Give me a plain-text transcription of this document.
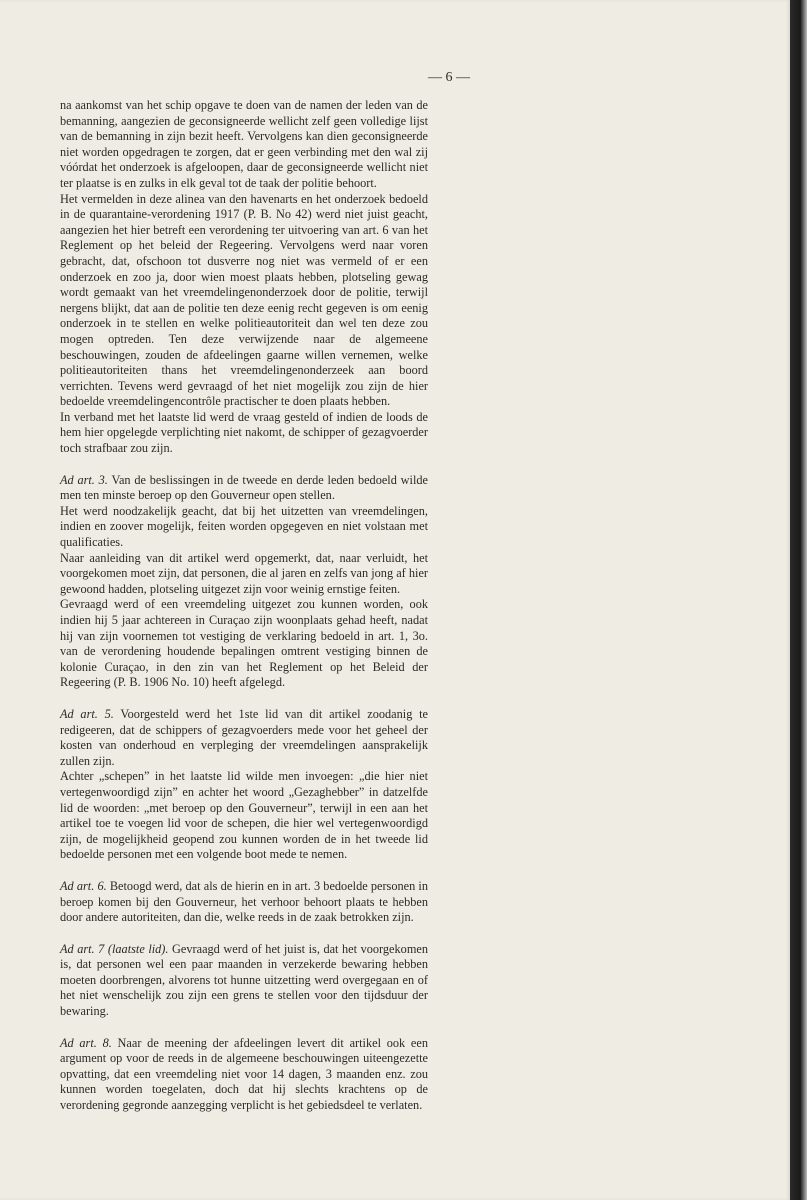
— 6 —

na aankomst van het schip opgave te doen van de namen der leden van de bemanning, aangezien de geconsigneerde wellicht zelf geen volledige lijst van de bemanning in zijn bezit heeft. Vervolgens kan dien geconsigneerde niet worden opgedragen te zorgen, dat er geen verbinding met den wal zij vóórdat het onderzoek is afgeloopen, daar de geconsigneerde wellicht niet ter plaatse is en zulks in elk geval tot de taak der politie behoort.

Het vermelden in deze alinea van den havenarts en het onderzoek bedoeld in de quarantaine-verordening 1917 (P. B. No 42) werd niet juist geacht, aangezien het hier betreft een verordening ter uitvoering van art. 6 van het Reglement op het beleid der Regeering. Vervolgens werd naar voren gebracht, dat, ofschoon tot dusverre nog niet was vermeld of er een onderzoek en zoo ja, door wien moest plaats hebben, plotseling gewag wordt gemaakt van het vreemdelingenonderzoek door de politie, terwijl nergens blijkt, dat aan de politie ten deze eenig recht gegeven is om eenig onderzoek in te stellen en welke politieautoriteit dan wel ten deze zou mogen optreden. Ten deze verwijzende naar de algemeene beschouwingen, zouden de afdeelingen gaarne willen vernemen, welke politieautoriteiten thans het vreemdelingenonderzeek aan boord verrichten. Tevens werd gevraagd of het niet mogelijk zou zijn de hier bedoelde vreemdelingencontrôle practischer te doen plaats hebben.

In verband met het laatste lid werd de vraag gesteld of indien de loods de hem hier opgelegde verplichting niet nakomt, de schipper of gezagvoerder toch strafbaar zou zijn.

Ad art. 3. Van de beslissingen in de tweede en derde leden bedoeld wilde men ten minste beroep op den Gouverneur open stellen.

Het werd noodzakelijk geacht, dat bij het uitzetten van vreemdelingen, indien en zoover mogelijk, feiten worden opgegeven en niet volstaan met qualificaties.

Naar aanleiding van dit artikel werd opgemerkt, dat, naar verluidt, het voorgekomen moet zijn, dat personen, die al jaren en zelfs van jong af hier gewoond hadden, plotseling uitgezet zijn voor weinig ernstige feiten.

Gevraagd werd of een vreemdeling uitgezet zou kunnen worden, ook indien hij 5 jaar achtereen in Curaçao zijn woonplaats gehad heeft, nadat hij van zijn voornemen tot vestiging de verklaring bedoeld in art. 1, 3o. van de verordening houdende bepalingen omtrent vestiging binnen de kolonie Curaçao, in den zin van het Reglement op het Beleid der Regeering (P. B. 1906 No. 10) heeft afgelegd.

Ad art. 5. Voorgesteld werd het 1ste lid van dit artikel zoodanig te redigeeren, dat de schippers of gezagvoerders mede voor het geheel der kosten van onderhoud en verpleging der vreemdelingen aansprakelijk zullen zijn.

Achter „schepen” in het laatste lid wilde men invoegen: „die hier niet vertegenwoordigd zijn” en achter het woord „Gezaghebber” in datzelfde lid de woorden: „met beroep op den Gouverneur”, terwijl in een aan het artikel toe te voegen lid voor de schepen, die hier wel vertegenwoordigd zijn, de mogelijkheid geopend zou kunnen worden de in het tweede lid bedoelde personen met een volgende boot mede te nemen.

Ad art. 6. Betoogd werd, dat als de hierin en in art. 3 bedoelde personen in beroep komen bij den Gouverneur, het verhoor behoort plaats te hebben door andere autoriteiten, dan die, welke reeds in de zaak betrokken zijn.

Ad art. 7 (laatste lid). Gevraagd werd of het juist is, dat het voorgekomen is, dat personen wel een paar maanden in verzekerde bewaring hebben moeten doorbrengen, alvorens tot hunne uitzetting werd overgegaan en of het niet wenschelijk zou zijn een grens te stellen voor den tijdsduur der bewaring.

Ad art. 8. Naar de meening der afdeelingen levert dit artikel ook een argument op voor de reeds in de algemeene beschouwingen uiteengezette opvatting, dat een vreemdeling niet voor 14 dagen, 3 maanden enz. zou kunnen worden toegelaten, doch dat hij slechts krachtens op de verordening gegronde aanzegging verplicht is het gebiedsdeel te verlaten.
